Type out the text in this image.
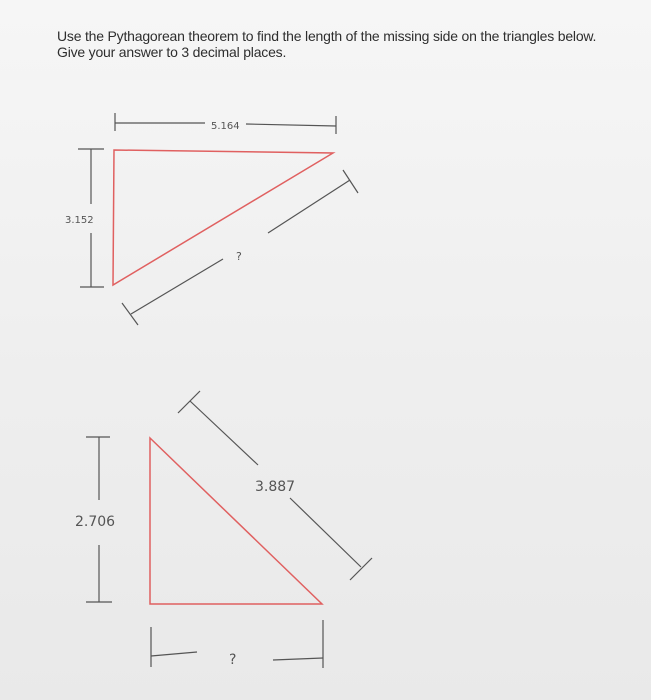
Use the Pythagorean theorem to find the length of the missing side on the triangles below.
Give your answer to 3 decimal places.
5.164
3.152
?
3.887
2.706
?
